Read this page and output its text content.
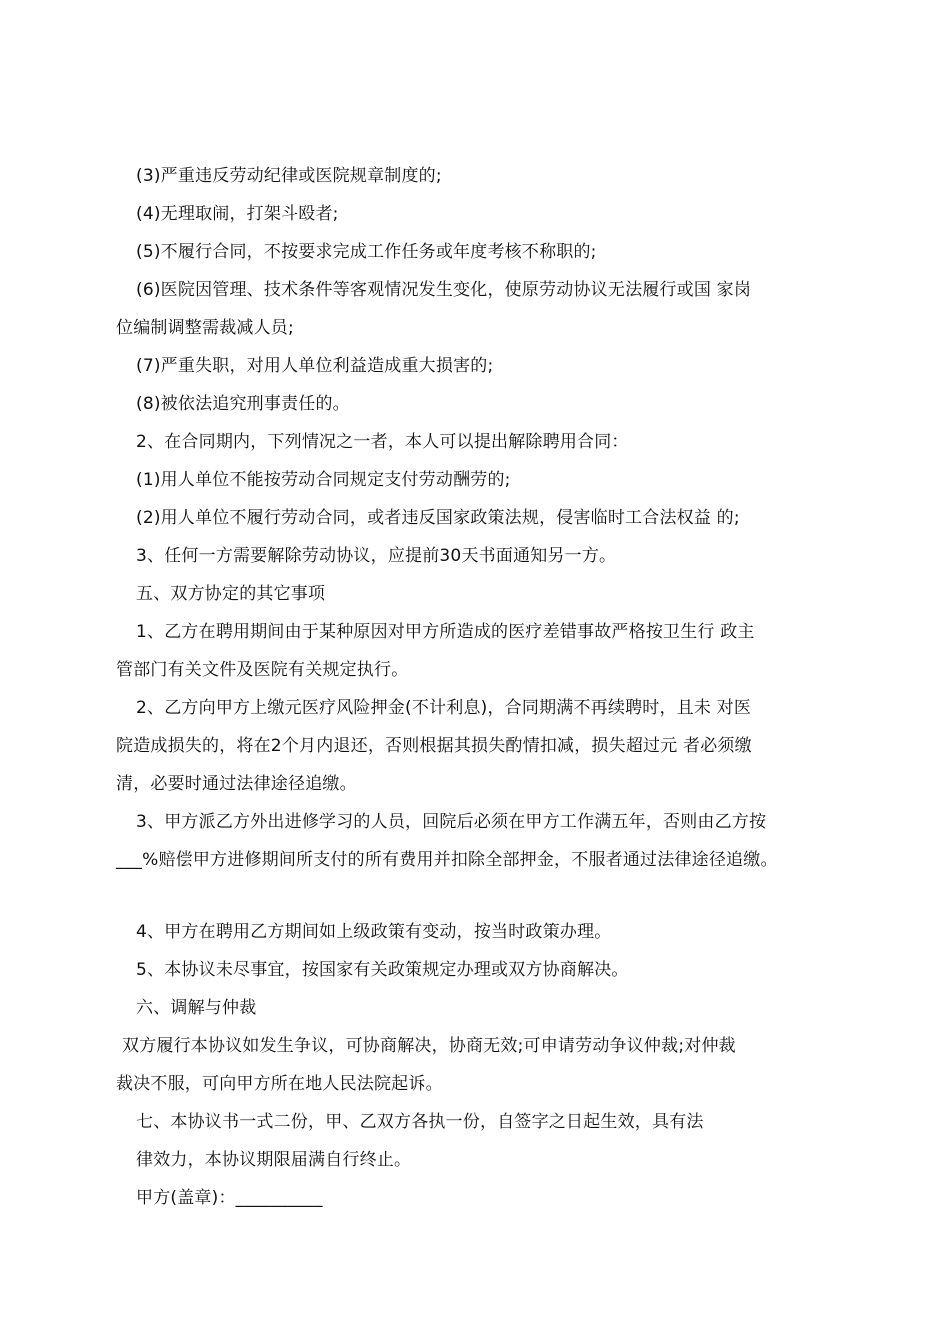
(3)严重违反劳动纪律或医院规章制度的;
(4)无理取闹，打架斗殴者;
(5)不履行合同，不按要求完成工作任务或年度考核不称职的;
(6)医院因管理、技术条件等客观情况发生变化，使原劳动协议无法履行或国 家岗
位编制调整需裁减人员;
(7)严重失职，对用人单位利益造成重大损害的;
(8)被依法追究刑事责任的。
2、在合同期内，下列情况之一者，本人可以提出解除聘用合同：
(1)用人单位不能按劳动合同规定支付劳动酬劳的;
(2)用人单位不履行劳动合同，或者违反国家政策法规，侵害临时工合法权益 的;
3、任何一方需要解除劳动协议，应提前30天书面通知另一方。
五、双方协定的其它事项
1、乙方在聘用期间由于某种原因对甲方所造成的医疗差错事故严格按卫生行 政主
管部门有关文件及医院有关规定执行。
2、乙方向甲方上缴元医疗风险押金(不计利息)，合同期满不再续聘时，且未 对医
院造成损失的，将在2个月内退还，否则根据其损失酌情扣减，损失超过元 者必须缴
清，必要时通过法律途径追缴。
3、甲方派乙方外出进修学习的人员，回院后必须在甲方工作满五年，否则由乙方按
___%赔偿甲方进修期间所支付的所有费用并扣除全部押金，不服者通过法律途径追缴。
4、甲方在聘用乙方期间如上级政策有变动，按当时政策办理。
5、本协议未尽事宜，按国家有关政策规定办理或双方协商解决。
六、调解与仲裁
双方履行本协议如发生争议，可协商解决，协商无效;可申请劳动争议仲裁;对仲裁
裁决不服，可向甲方所在地人民法院起诉。
七、本协议书一式二份，甲、乙双方各执一份，自签字之日起生效，具有法
律效力，本协议期限届满自行终止。
甲方(盖章)：__________
